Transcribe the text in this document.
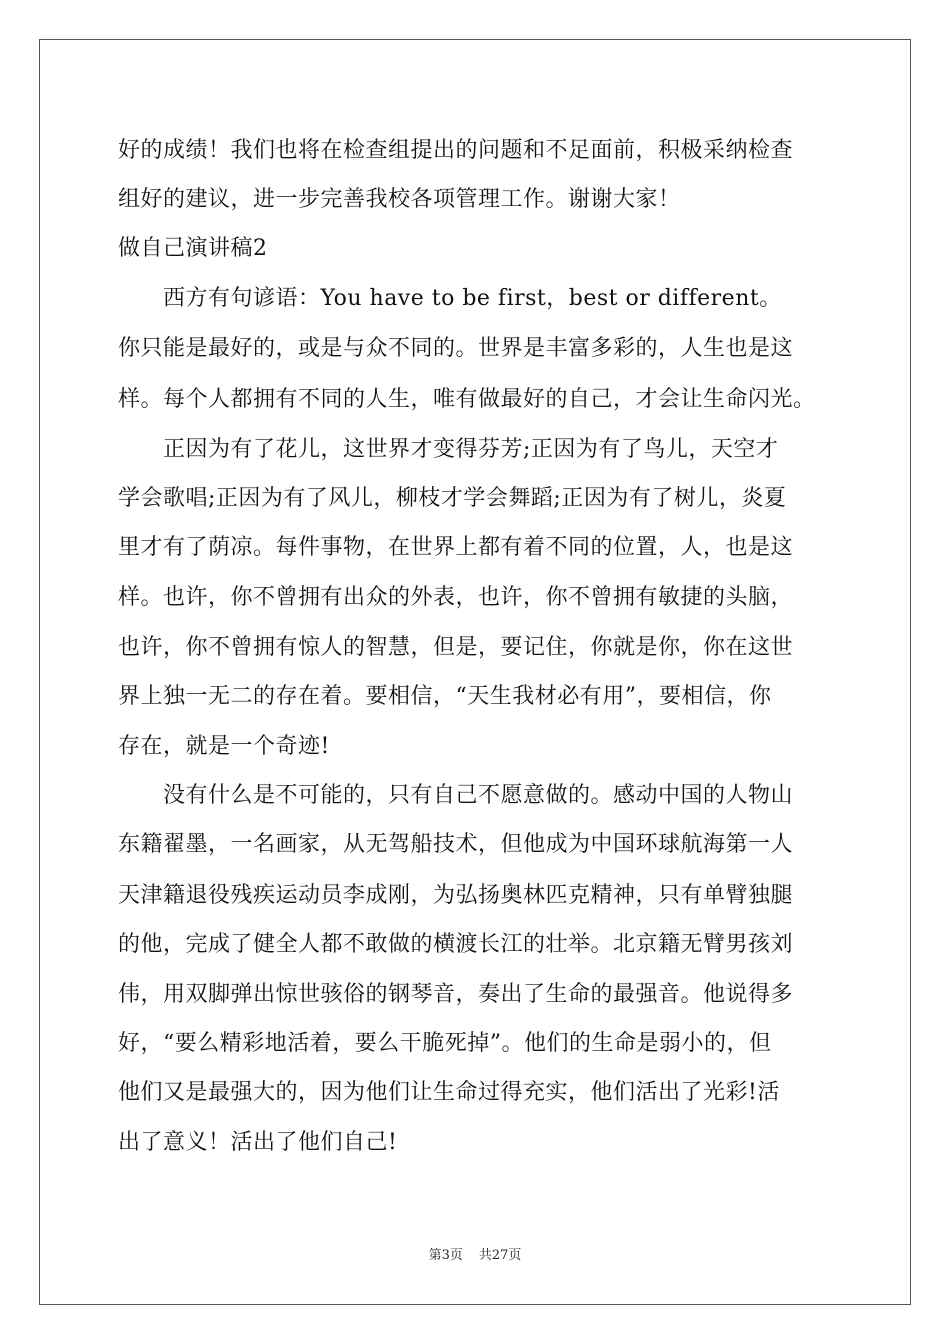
好的成绩！我们也将在检查组提出的问题和不足面前，积极采纳检查
组好的建议，进一步完善我校各项管理工作。谢谢大家！
做自己演讲稿2
西方有句谚语：You have to be first，best or different。
你只能是最好的，或是与众不同的。世界是丰富多彩的，人生也是这
样。每个人都拥有不同的人生，唯有做最好的自己，才会让生命闪光。
正因为有了花儿，这世界才变得芬芳;正因为有了鸟儿，天空才
学会歌唱;正因为有了风儿，柳枝才学会舞蹈;正因为有了树儿，炎夏
里才有了荫凉。每件事物，在世界上都有着不同的位置，人，也是这
样。也许，你不曾拥有出众的外表，也许，你不曾拥有敏捷的头脑，
也许，你不曾拥有惊人的智慧，但是，要记住，你就是你，你在这世
界上独一无二的存在着。要相信，“天生我材必有用”，要相信，你
存在，就是一个奇迹!
没有什么是不可能的，只有自己不愿意做的。感动中国的人物山
东籍翟墨，一名画家，从无驾船技术，但他成为中国环球航海第一人
天津籍退役残疾运动员李成刚，为弘扬奥林匹克精神，只有单臂独腿
的他，完成了健全人都不敢做的横渡长江的壮举。北京籍无臂男孩刘
伟，用双脚弹出惊世骇俗的钢琴音，奏出了生命的最强音。他说得多
好，“要么精彩地活着，要么干脆死掉”。他们的生命是弱小的，但
他们又是最强大的，因为他们让生命过得充实，他们活出了光彩!活
出了意义！活出了他们自己!
第3页 共27页
